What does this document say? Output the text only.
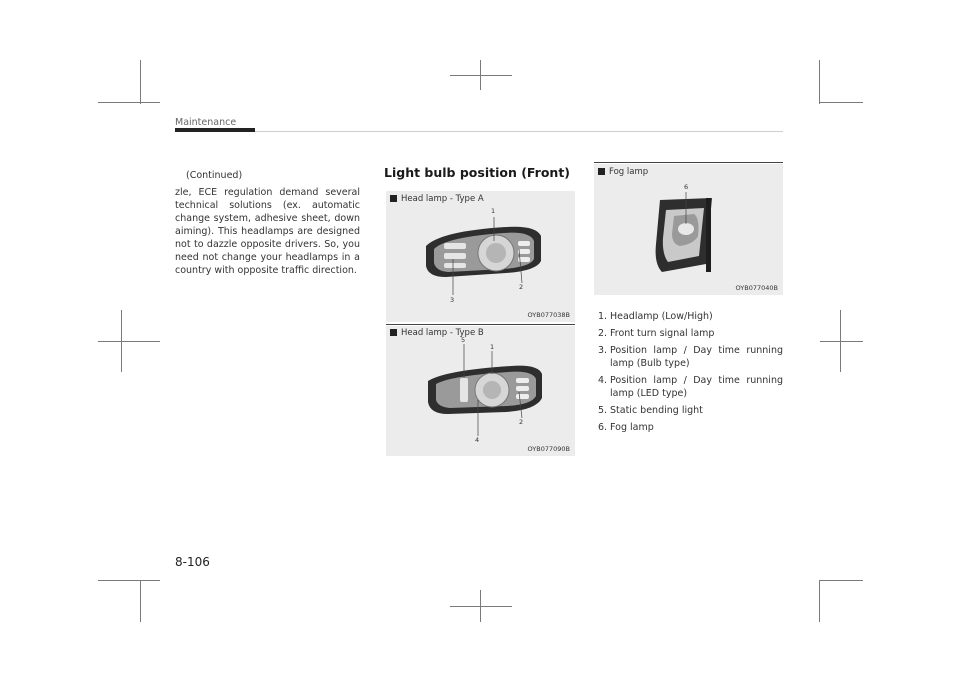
Maintenance
(Continued)
zle, ECE regulation demand several technical solutions (ex. automatic change system, adhesive sheet, down aiming). This headlamps are designed not to dazzle opposite drivers. So, you need not change your headlamps in a country with opposite traffic direction.
Light bulb position (Front)
Head lamp - Type A
1
2
3
OYB077038B
Head lamp - Type B
5
1
2
4
OYB077090B
Fog lamp
6
OYB077040B
1. Headlamp (Low/High)
2. Front turn signal lamp
3. Position lamp / Day time running lamp (Bulb type)
4. Position lamp / Day time running lamp (LED type)
5. Static bending light
6. Fog lamp
8-106
